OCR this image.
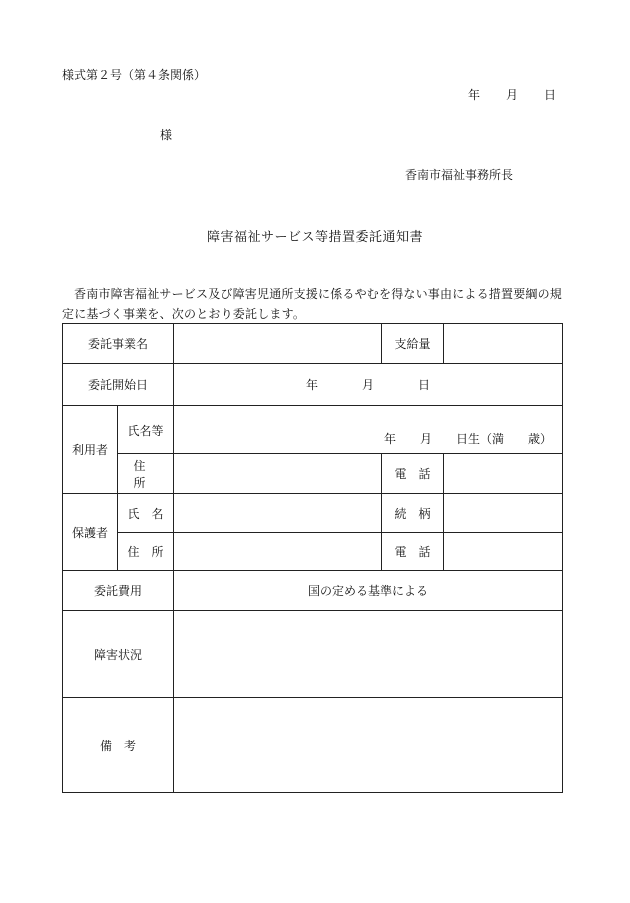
様式第２号（第４条関係）
年 月 日
様
香南市福祉事務所長
障害福祉サービス等措置委託通知書
香南市障害福祉サービス及び障害児通所支援に係るやむを得ない事由による措置要綱の規定に基づく事業を、次のとおり委託します。
委託事業名			支給量	
委託開始日		年 月 日		
利用者	氏名等	年　　月　　日生（満　　歳）		

	住　所		電　話	
保護者	氏　名		続　柄	
	住　所		電　話	
委託費用		国の定める基準による		
障害状況				
備　考				
